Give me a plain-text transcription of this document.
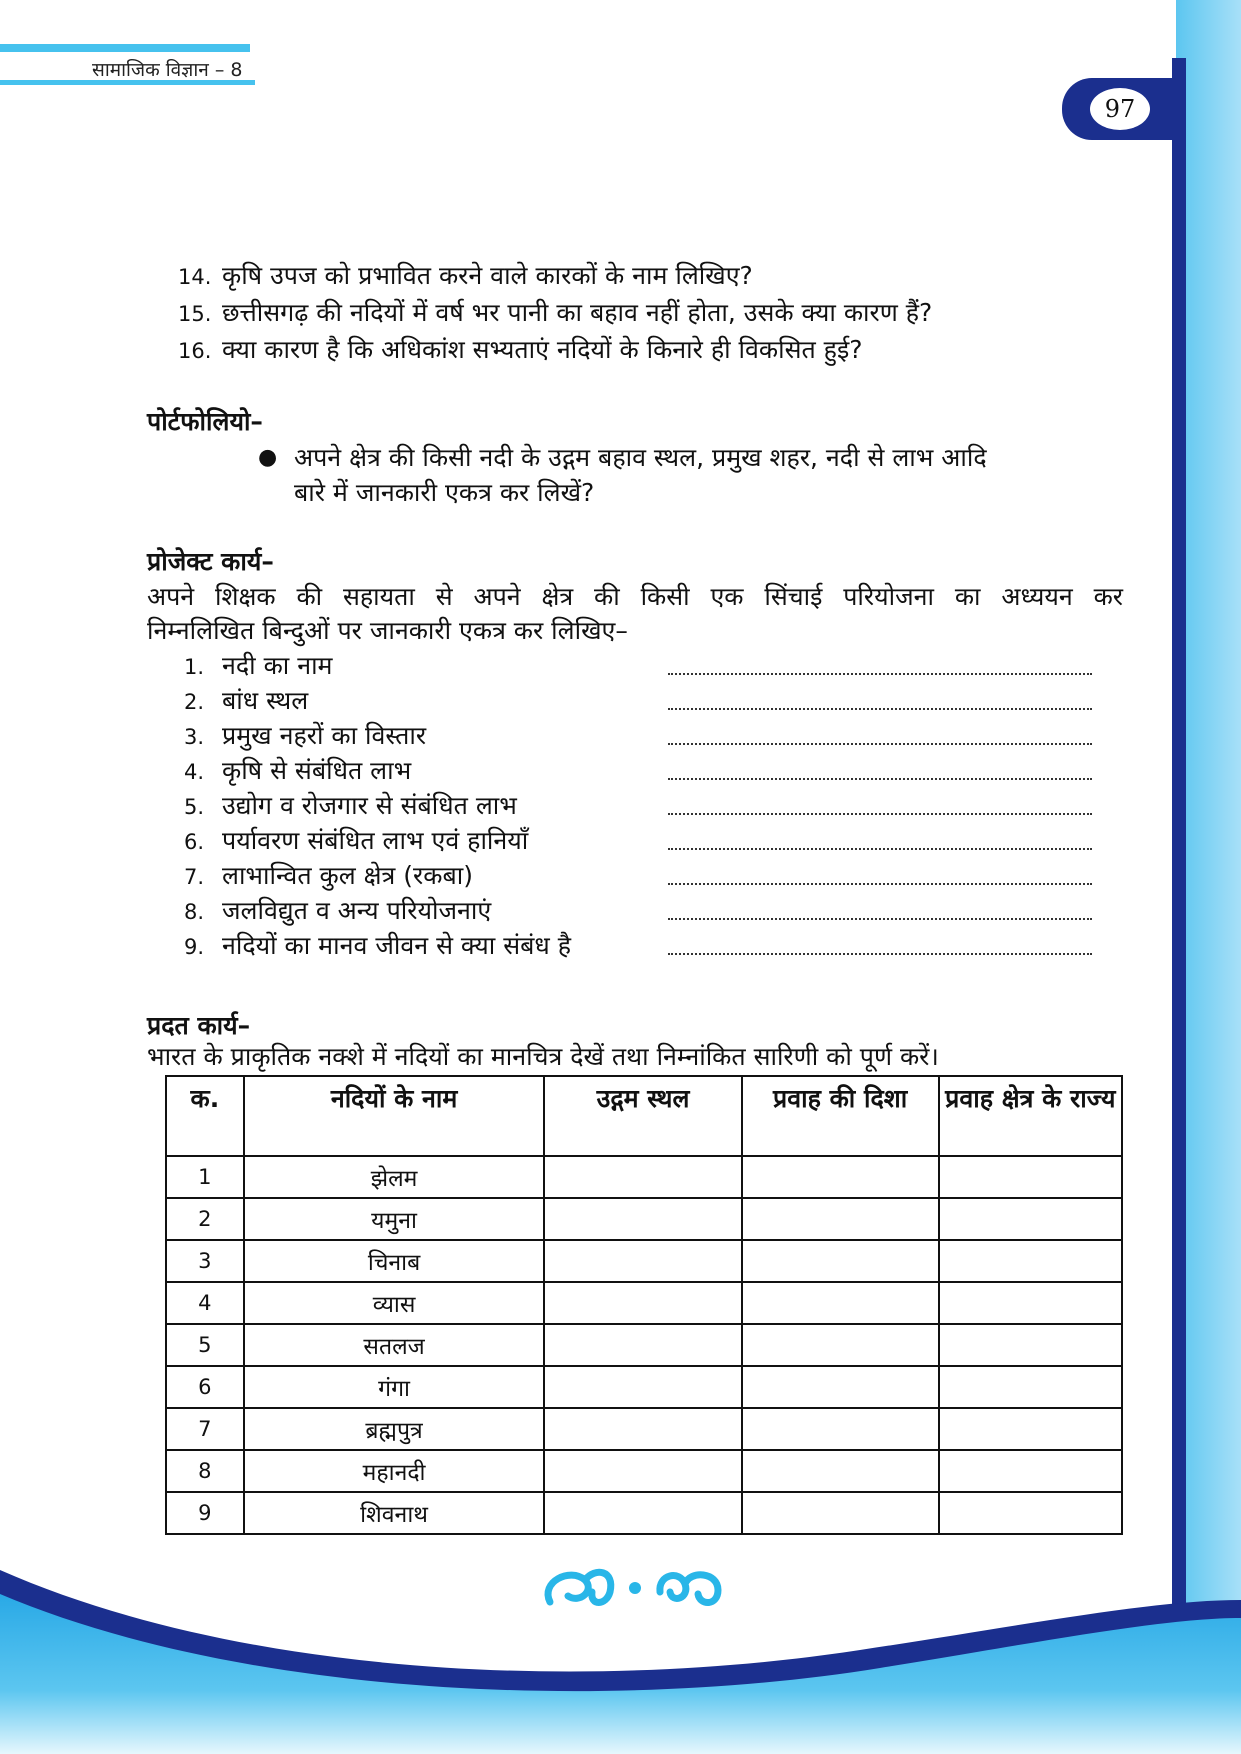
सामाजिक विज्ञान – 8
97
14. कृषि उपज को प्रभावित करने वाले कारकों के नाम लिखिए?
15. छत्तीसगढ़ की नदियों में वर्ष भर पानी का बहाव नहीं होता, उसके क्या कारण हैं?
16. क्या कारण है कि अधिकांश सभ्यताएं नदियों के किनारे ही विकसित हुई?
पोर्टफोलियो–
● अपने क्षेत्र की किसी नदी के उद्गम बहाव स्थल, प्रमुख शहर, नदी से लाभ आदि
बारे में जानकारी एकत्र कर लिखें?
प्रोजेक्ट कार्य–
अपने शिक्षक की सहायता से अपने क्षेत्र की किसी एक सिंचाई परियोजना का अध्ययन कर
निम्नलिखित बिन्दुओं पर जानकारी एकत्र कर लिखिए–
1. नदी का नाम
2. बांध स्थल
3. प्रमुख नहरों का विस्तार
4. कृषि से संबंधित लाभ
5. उद्योग व रोजगार से संबंधित लाभ
6. पर्यावरण संबंधित लाभ एवं हानियाँ
7. लाभान्वित कुल क्षेत्र (रकबा)
8. जलविद्युत व अन्य परियोजनाएं
9. नदियों का मानव जीवन से क्या संबंध है
प्रदत कार्य–
भारत के प्राकृतिक नक्शे में नदियों का मानचित्र देखें तथा निम्नांकित सारिणी को पूर्ण करें।
क.	नदियों के नाम	उद्गम स्थल	प्रवाह की दिशा	प्रवाह क्षेत्र के राज्य
1	झेलम			
2	यमुना			
3	चिनाब			
4	व्यास			
5	सतलज			
6	गंगा			
7	ब्रह्मपुत्र			
8	महानदी			
9	शिवनाथ			
